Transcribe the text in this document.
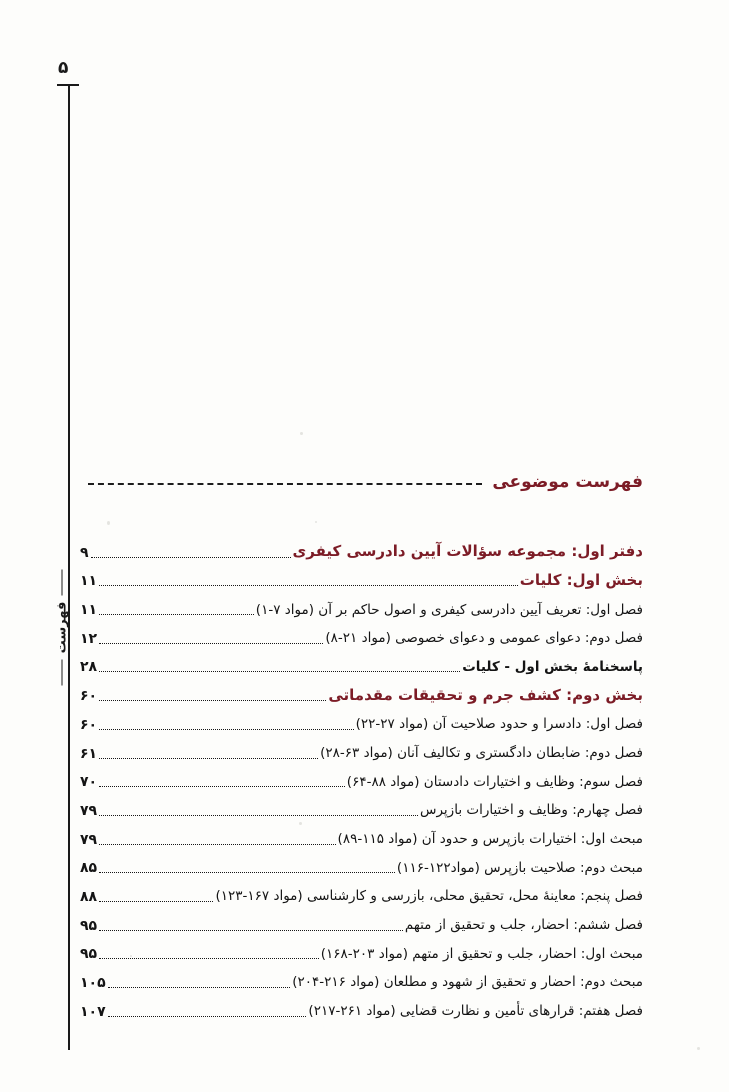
۵
فهرست
فهرست موضوعی
دفتر اول: مجموعه سؤالات آیین دادرسی کیفری
۹
بخش اول: کلیات
۱۱
فصل اول: تعریف آیین دادرسی کیفری و اصول حاکم بر آن (مواد ۷-۱)
۱۱
فصل دوم: دعوای عمومی و دعوای خصوصی (مواد ۲۱-۸)
۱۲
پاسخنامهٔ بخش اول - کلیات
۲۸
بخش دوم: کشف جرم و تحقیقات مقدماتی
۶۰
فصل اول: دادسرا و حدود صلاحیت آن (مواد ۲۷-۲۲)
۶۰
فصل دوم: ضابطان دادگستری و تکالیف آنان (مواد ۶۳-۲۸)
۶۱
فصل سوم: وظایف و اختیارات دادستان (مواد ۸۸-۶۴)
۷۰
فصل چهارم: وظایف و اختیارات بازپرس
۷۹
مبحث اول: اختیارات بازپرس و حدود آن (مواد ۱۱۵-۸۹)
۷۹
مبحث دوم: صلاحیت بازپرس (مواد۱۲۲-۱۱۶)
۸۵
فصل پنجم: معاینۀ محل، تحقیق محلی، بازرسی و کارشناسی (مواد ۱۶۷-۱۲۳)
۸۸
فصل ششم: احضار، جلب و تحقیق از متهم
۹۵
مبحث اول: احضار، جلب و تحقیق از متهم (مواد ۲۰۳-۱۶۸)
۹۵
مبحث دوم: احضار و تحقیق از شهود و مطلعان (مواد ۲۱۶-۲۰۴)
۱۰۵
فصل هفتم: قرارهای تأمین و نظارت قضایی (مواد ۲۶۱-۲۱۷)
۱۰۷
